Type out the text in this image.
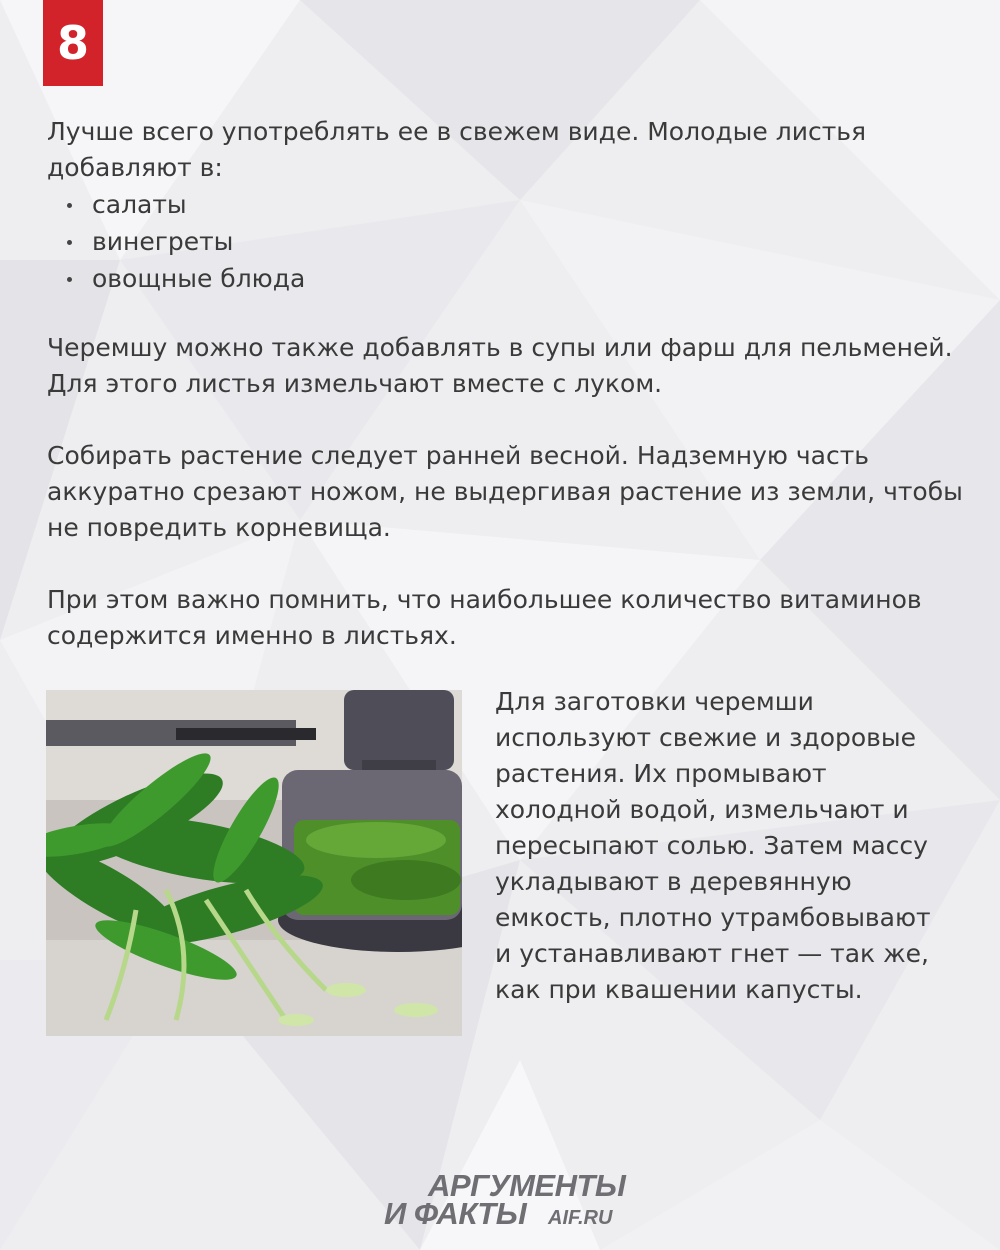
8

Лучше всего употреблять ее в свежем виде. Молодые листья добавляют в:

салаты
винегреты
овощные блюда

Черемшу можно также добавлять в супы или фарш для пельменей. Для этого листья измельчают вместе с луком.

Собирать растение следует ранней весной. Надземную часть аккуратно срезают ножом, не выдергивая растение из земли, чтобы не повредить корневища.

При этом важно помнить, что наибольшее количество витаминов содержится именно в листьях.

Для заготовки черемши используют свежие и здоровые растения. Их промывают холодной водой, измельчают и пересыпают солью. Затем массу укладывают в деревянную емкость, плотно утрамбовывают и устанавливают гнет — так же, как при квашении капусты.

АРГУМЕНТЫ
И ФАКТЫ AIF.RU
